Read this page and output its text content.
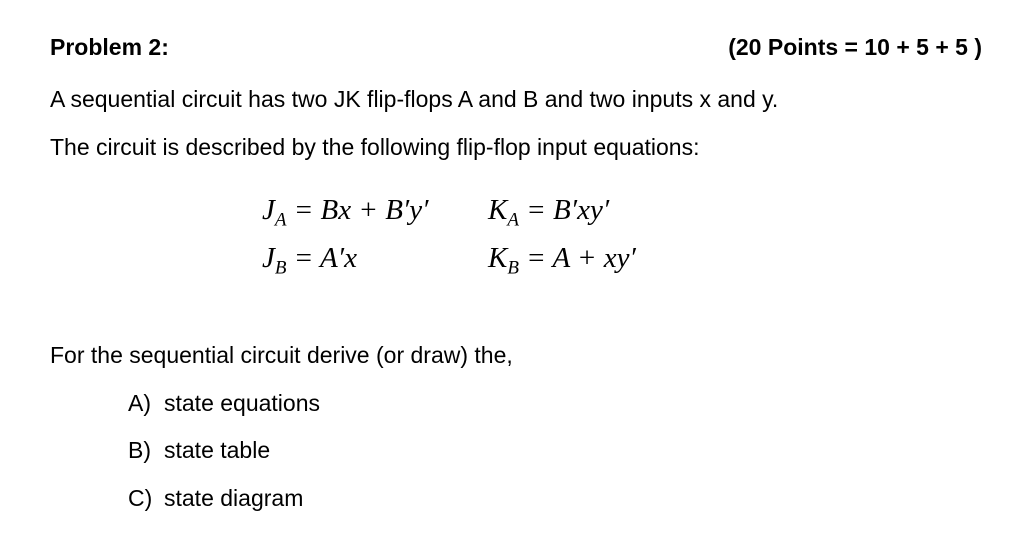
Problem 2:	(20 Points = 10 + 5 + 5 )
A sequential circuit has two JK flip-flops A and B and two inputs x and y.
The circuit is described by the following flip-flop input equations:
$J_A = Bx + B'y'$ $K_A = B'xy'$
$J_B = A'x$	$K_B = A + xy'$
For the sequential circuit derive (or draw) the,
A) state equations
B) state table
C) state diagram
